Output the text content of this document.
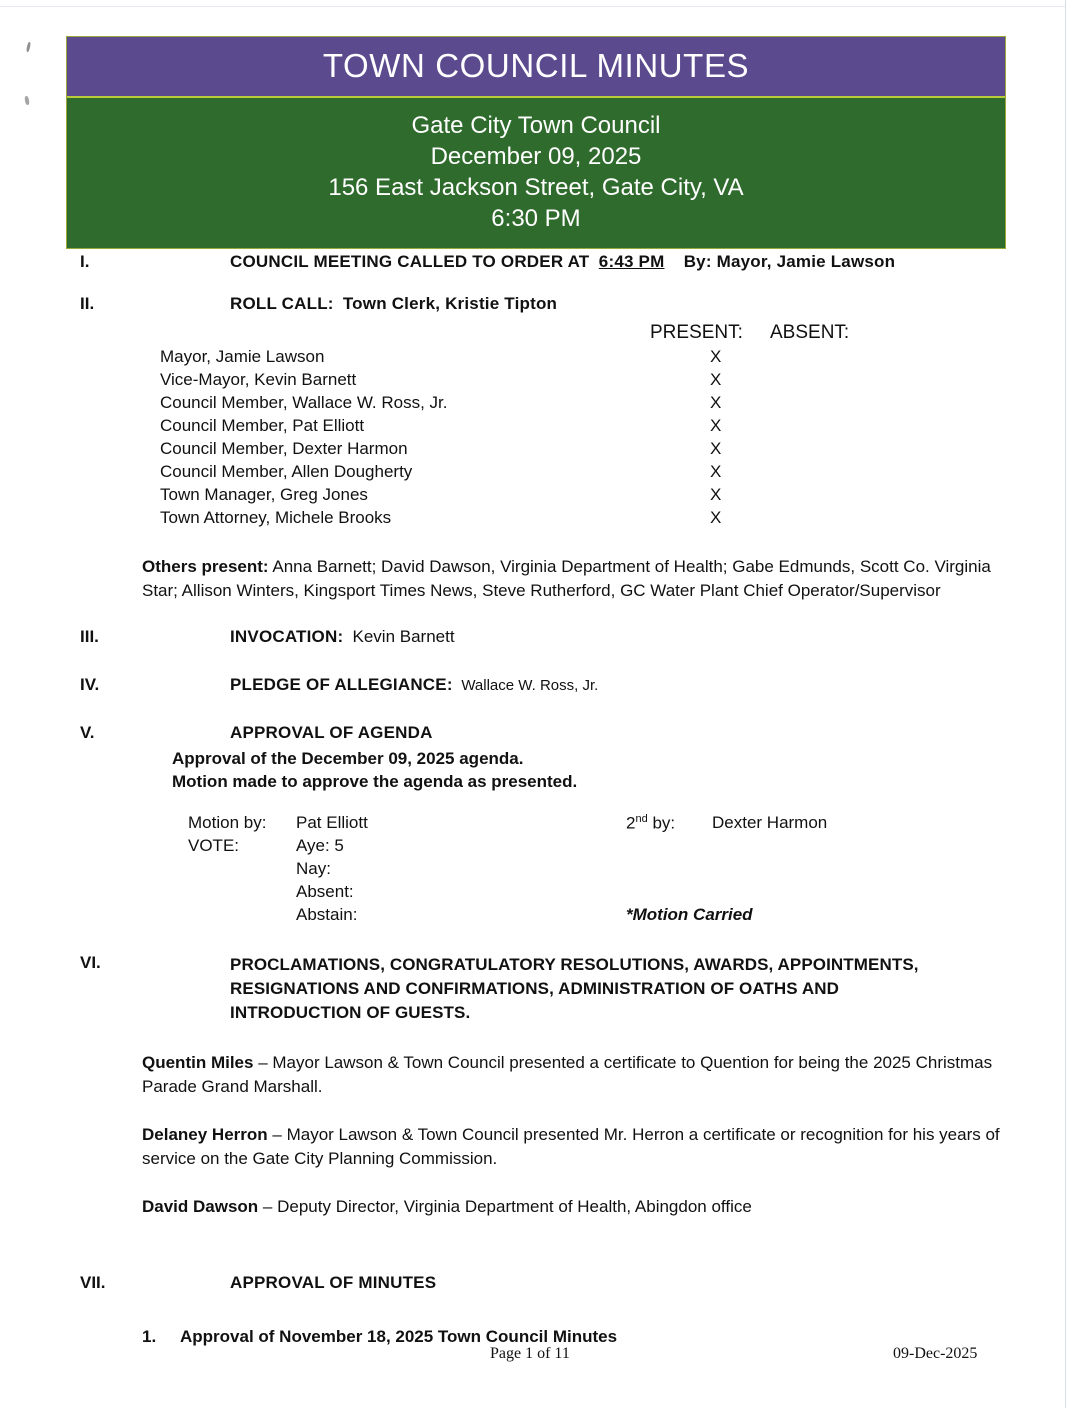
TOWN COUNCIL MINUTES
Gate City Town Council
December 09, 2025
156 East Jackson Street, Gate City, VA
6:30 PM
I.	COUNCIL MEETING CALLED TO ORDER AT 6:43 PM By: Mayor, Jamie Lawson
II.	ROLL CALL: Town Clerk, Kristie Tipton
PRESENT: ABSENT:
Mayor, Jamie Lawson	X
Vice-Mayor, Kevin Barnett	X
Council Member, Wallace W. Ross, Jr.	X
Council Member, Pat Elliott	X
Council Member, Dexter Harmon	X
Council Member, Allen Dougherty	X
Town Manager, Greg Jones	X
Town Attorney, Michele Brooks	X
Others present: Anna Barnett; David Dawson, Virginia Department of Health; Gabe Edmunds, Scott Co. Virginia Star; Allison Winters, Kingsport Times News, Steve Rutherford, GC Water Plant Chief Operator/Supervisor
III.	INVOCATION: Kevin Barnett
IV.	PLEDGE OF ALLEGIANCE: Wallace W. Ross, Jr.
V.	APPROVAL OF AGENDA
Approval of the December 09, 2025 agenda.
Motion made to approve the agenda as presented.
Motion by: Pat Elliott	2nd by: Dexter Harmon
VOTE:	Aye: 5
Nay:
Absent:
Abstain:	*Motion Carried
VI.	PROCLAMATIONS, CONGRATULATORY RESOLUTIONS, AWARDS, APPOINTMENTS,
RESIGNATIONS AND CONFIRMATIONS, ADMINISTRATION OF OATHS AND
INTRODUCTION OF GUESTS.
Quentin Miles – Mayor Lawson & Town Council presented a certificate to Quention for being the 2025 Christmas Parade Grand Marshall.
Delaney Herron – Mayor Lawson & Town Council presented Mr. Herron a certificate or recognition for his years of service on the Gate City Planning Commission.
David Dawson – Deputy Director, Virginia Department of Health, Abingdon office
VII.	APPROVAL OF MINUTES
1. Approval of November 18, 2025 Town Council Minutes
Page 1 of 11	09-Dec-2025
